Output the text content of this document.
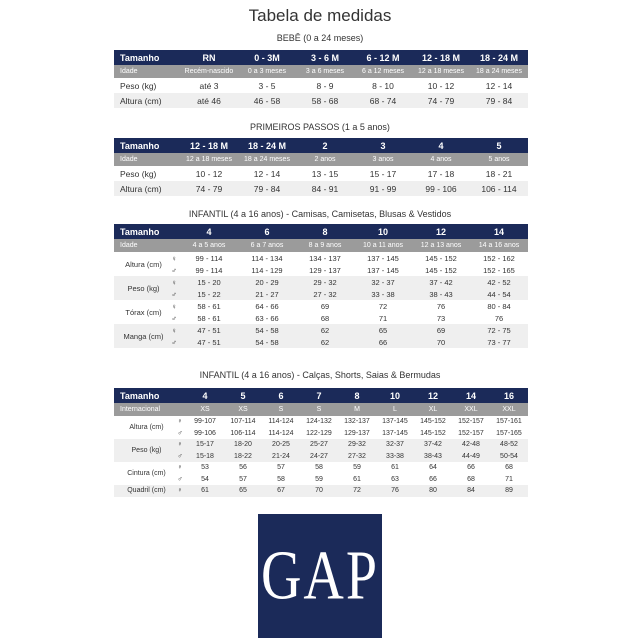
Tabela de medidas
BEBÊ (0 a 24 meses)
Tamanho	RN	0 - 3M	3 - 6 M	6 - 12 M	12 - 18 M	18 - 24 M
Idade	Recém-nascido	0 a 3 meses	3 a 6 meses	6 a 12 meses	12 a 18 meses	18 a 24 meses
Peso (kg)	até 3	3 - 5	8 - 9	8 - 10	10 - 12	12 - 14
Altura (cm)	até 46	46 - 58	58 - 68	68 - 74	74 - 79	79 - 84
PRIMEIROS PASSOS (1 a 5 anos)
Tamanho	12 - 18 M	18 - 24 M	2	3	4	5
Idade	12 a 18 meses	18 a 24 meses	2 anos	3 anos	4 anos	5 anos
Peso (kg)	10 - 12	12 - 14	13 - 15	15 - 17	17 - 18	18 - 21
Altura (cm)	74 - 79	79 - 84	84 - 91	91 - 99	99 - 106	106 - 114
INFANTIL (4 a 16 anos) - Camisas, Camisetas, Blusas & Vestidos
Tamanho		4	6	8	10	12	14
Idade		4 a 5 anos	6 a 7 anos	8 a 9 anos	10 a 11 anos	12 a 13 anos	14 a 16 anos
Altura (cm)	♀	99 - 114	114 - 134	134 - 137	137 - 145	145 - 152	152 - 162
	♂	99 - 114	114 - 129	129 - 137	137 - 145	145 - 152	152 - 165
Peso (kg)	♀	15 - 20	20 - 29	29 - 32	32 - 37	37 - 42	42 - 52
	♂	15 - 22	21 - 27	27 - 32	33 - 38	38 - 43	44 - 54
Tórax (cm)	♀	58 - 61	64 - 66	69	72	76	80 - 84
	♂	58 - 61	63 - 66	68	71	73	76
Manga (cm)	♀	47 - 51	54 - 58	62	65	69	72 - 75
	♂	47 - 51	54 - 58	62	66	70	73 - 77
INFANTIL (4 a 16 anos) - Calças, Shorts, Saias & Bermudas
Tamanho		4	5	6	7	8	10	12	14	16
Internacional		XS	XS	S	S	M	L	XL	XXL	XXL
Altura (cm)	♀	99-107	107-114	114-124	124-132	132-137	137-145	145-152	152-157	157-161
	♂	99-106	106-114	114-124	122-129	129-137	137-145	145-152	152-157	157-165
Peso (kg)	♀	15-17	18-20	20-25	25-27	29-32	32-37	37-42	42-48	48-52
	♂	15-18	18-22	21-24	24-27	27-32	33-38	38-43	44-49	50-54
Cintura (cm)	♀	53	56	57	58	59	61	64	66	68
	♂	54	57	58	59	61	63	66	68	71
Quadril (cm)	♀	61	65	67	70	72	76	80	84	89
GAP
